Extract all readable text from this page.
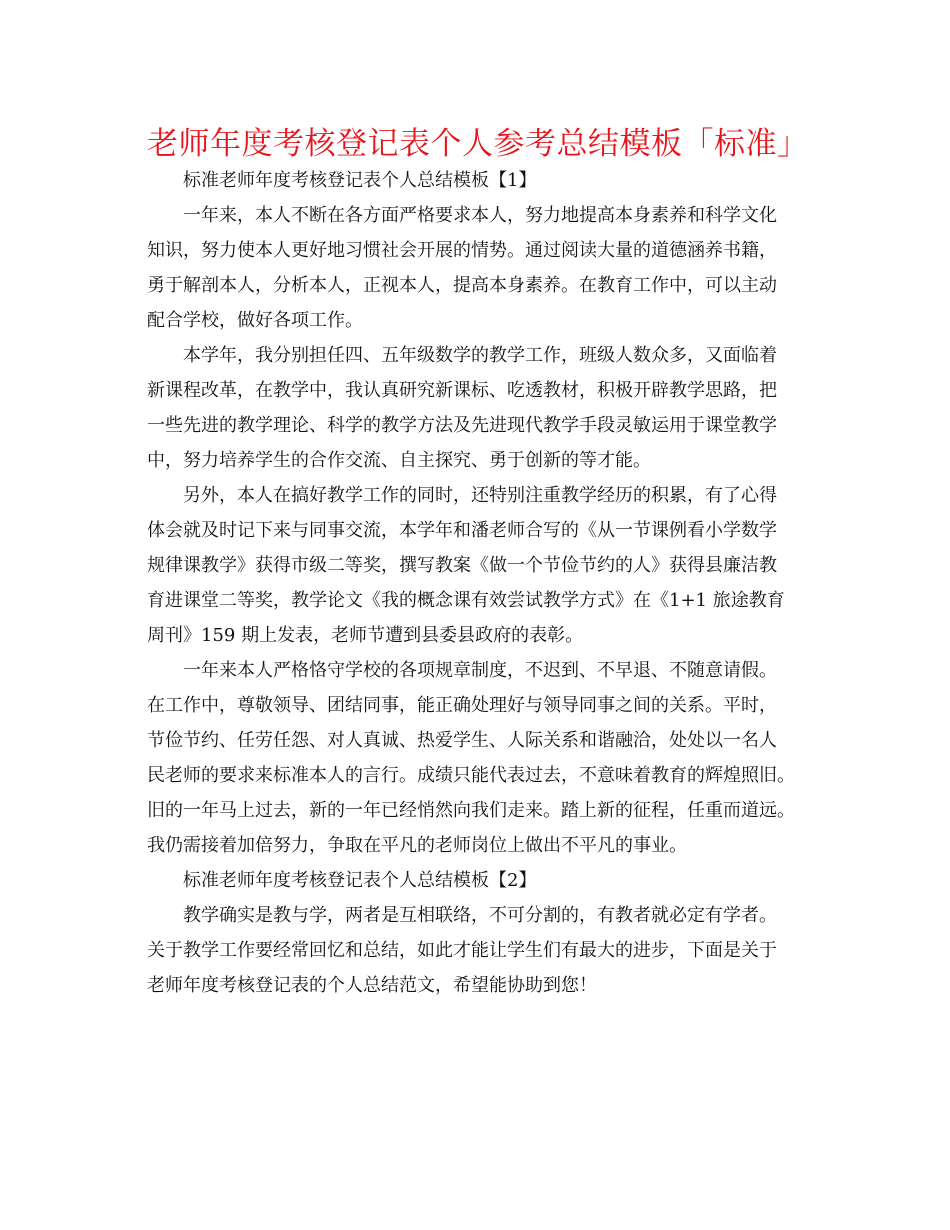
老师年度考核登记表个人参考总结模板「标准」
标准老师年度考核登记表个人总结模板【1】
一年来，本人不断在各方面严格要求本人，努力地提高本身素养和科学文化
知识，努力使本人更好地习惯社会开展的情势。通过阅读大量的道德涵养书籍，
勇于解剖本人，分析本人，正视本人，提高本身素养。在教育工作中，可以主动
配合学校，做好各项工作。
本学年，我分别担任四、五年级数学的教学工作，班级人数众多，又面临着
新课程改革，在教学中，我认真研究新课标、吃透教材，积极开辟教学思路，把
一些先进的教学理论、科学的教学方法及先进现代教学手段灵敏运用于课堂教学
中，努力培养学生的合作交流、自主探究、勇于创新的等才能。
另外，本人在搞好教学工作的同时，还特别注重教学经历的积累，有了心得
体会就及时记下来与同事交流，本学年和潘老师合写的《从一节课例看小学数学
规律课教学》获得市级二等奖，撰写教案《做一个节俭节约的人》获得县廉洁教
育进课堂二等奖，教学论文《我的概念课有效尝试教学方式》在《1+1 旅途教育
周刊》159 期上发表，老师节遭到县委县政府的表彰。
一年来本人严格恪守学校的各项规章制度，不迟到、不早退、不随意请假。
在工作中，尊敬领导、团结同事，能正确处理好与领导同事之间的关系。平时，
节俭节约、任劳任怨、对人真诚、热爱学生、人际关系和谐融洽，处处以一名人
民老师的要求来标准本人的言行。成绩只能代表过去，不意味着教育的辉煌照旧。
旧的一年马上过去，新的一年已经悄然向我们走来。踏上新的征程，任重而道远。
我仍需接着加倍努力，争取在平凡的老师岗位上做出不平凡的事业。
标准老师年度考核登记表个人总结模板【2】
教学确实是教与学，两者是互相联络，不可分割的，有教者就必定有学者。
关于教学工作要经常回忆和总结，如此才能让学生们有最大的进步，下面是关于
老师年度考核登记表的个人总结范文，希望能协助到您！
